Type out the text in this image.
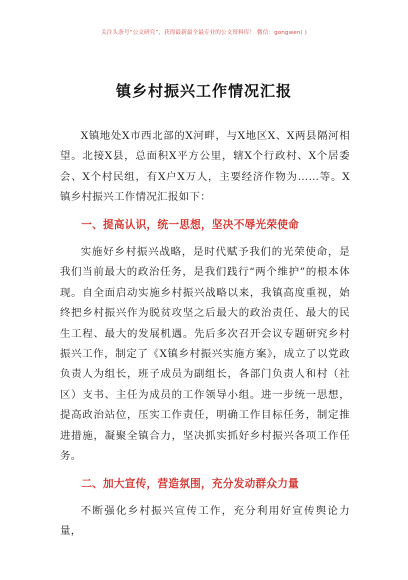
关注头条号“公文研究”，获得最新最全最专业的公文资料库！ 微信：gongwen( )
镇乡村振兴工作情况汇报

X镇地处X市西北部的X河畔，与X地区X、X两县隔河相望。北接X县，总面积X平方公里，辖X个行政村、X个居委会、X个村民组，有X户X万人，主要经济作物为……等。X镇乡村振兴工作情况汇报如下：

一、提高认识，统一思想，坚决不辱光荣使命

实施好乡村振兴战略，是时代赋予我们的光荣使命，是我们当前最大的政治任务，是我们践行“两个维护”的根本体现。自全面启动实施乡村振兴战略以来，我镇高度重视，始终把乡村振兴作为脱贫攻坚之后最大的政治责任、最大的民生工程、最大的发展机遇。先后多次召开会议专题研究乡村振兴工作，制定了《X镇乡村振兴实施方案》，成立了以党政负责人为组长，班子成员为副组长，各部门负责人和村（社区）支书、主任为成员的工作领导小组。进一步统一思想，提高政治站位，压实工作责任，明确工作目标任务，制定推进措施，凝聚全镇合力，坚决抓实抓好乡村振兴各项工作任务。

二、加大宣传，营造氛围，充分发动群众力量

不断强化乡村振兴宣传工作，充分利用好宣传舆论力量，
